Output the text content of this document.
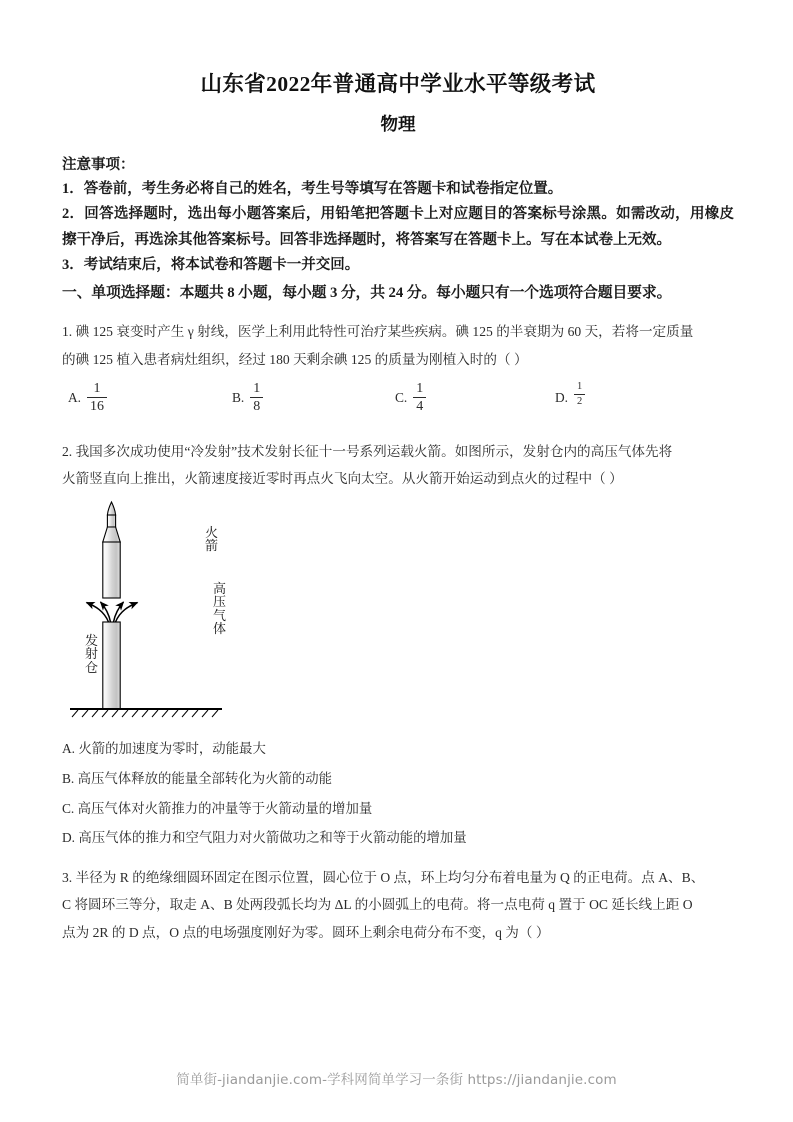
山东省2022年普通高中学业水平等级考试
物理

注意事项：

1．答卷前，考生务必将自己的姓名，考生号等填写在答题卡和试卷指定位置。

2．回答选择题时，选出每小题答案后，用铅笔把答题卡上对应题目的答案标号涂黑。如需改动，用橡皮擦干净后，再选涂其他答案标号。回答非选择题时，将答案写在答题卡上。写在本试卷上无效。

3．考试结束后，将本试卷和答题卡一并交回。

一、单项选择题：本题共 8 小题，每小题 3 分，共 24 分。每小题只有一个选项符合题目要求。

1. 碘 125 衰变时产生 γ 射线，医学上利用此特性可治疗某些疾病。碘 125 的半衰期为 60 天，若将一定质量

的碘 125 植入患者病灶组织，经过 180 天剩余碘 125 的质量为刚植入时的（ ）

A. $\frac{1}{16}$	B. $\frac{1}{8}$	C. $\frac{1}{4}$	D. $\frac{1}{2}$

2. 我国多次成功使用“冷发射”技术发射长征十一号系列运载火箭。如图所示，发射仓内的高压气体先将

火箭竖直向上推出，火箭速度接近零时再点火飞向太空。从火箭开始运动到点火的过程中（ ）

火
箭
高
压
气
体
发
射
仓

A. 火箭的加速度为零时，动能最大

B. 高压气体释放的能量全部转化为火箭的动能

C. 高压气体对火箭推力的冲量等于火箭动量的增加量

D. 高压气体的推力和空气阻力对火箭做功之和等于火箭动能的增加量

3. 半径为 R 的绝缘细圆环固定在图示位置，圆心位于 O 点，环上均匀分布着电量为 Q 的正电荷。点 A、B、

C 将圆环三等分，取走 A、B 处两段弧长均为 ΔL 的小圆弧上的电荷。将一点电荷 q 置于 OC 延长线上距 O

点为 2R 的 D 点，O 点的电场强度刚好为零。圆环上剩余电荷分布不变，q 为（ ）

简单街-jiandanjie.com-学科网简单学习一条街 https://jiandanjie.com
